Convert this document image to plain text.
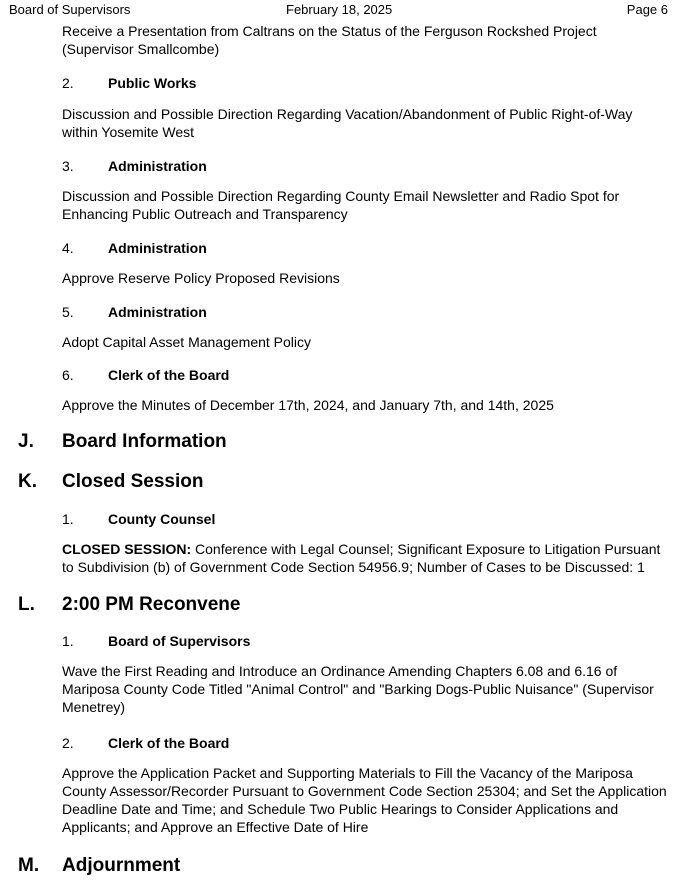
Board of Supervisors	February 18, 2025	Page 6
Receive a Presentation from Caltrans on the Status of the Ferguson Rockshed Project (Supervisor Smallcombe)
2. Public Works
Discussion and Possible Direction Regarding Vacation/Abandonment of Public Right-of-Way within Yosemite West
3. Administration
Discussion and Possible Direction Regarding County Email Newsletter and Radio Spot for Enhancing Public Outreach and Transparency
4. Administration
Approve Reserve Policy Proposed Revisions
5. Administration
Adopt Capital Asset Management Policy
6. Clerk of the Board
Approve the Minutes of December 17th, 2024, and January 7th, and 14th, 2025
J. Board Information
K. Closed Session
1. County Counsel
CLOSED SESSION: Conference with Legal Counsel; Significant Exposure to Litigation Pursuant to Subdivision (b) of Government Code Section 54956.9; Number of Cases to be Discussed: 1
L. 2:00 PM Reconvene
1. Board of Supervisors
Wave the First Reading and Introduce an Ordinance Amending Chapters 6.08 and 6.16 of Mariposa County Code Titled "Animal Control" and "Barking Dogs-Public Nuisance" (Supervisor Menetrey)
2. Clerk of the Board
Approve the Application Packet and Supporting Materials to Fill the Vacancy of the Mariposa County Assessor/Recorder Pursuant to Government Code Section 25304; and Set the Application Deadline Date and Time; and Schedule Two Public Hearings to Consider Applications and Applicants; and Approve an Effective Date of Hire
M. Adjournment
